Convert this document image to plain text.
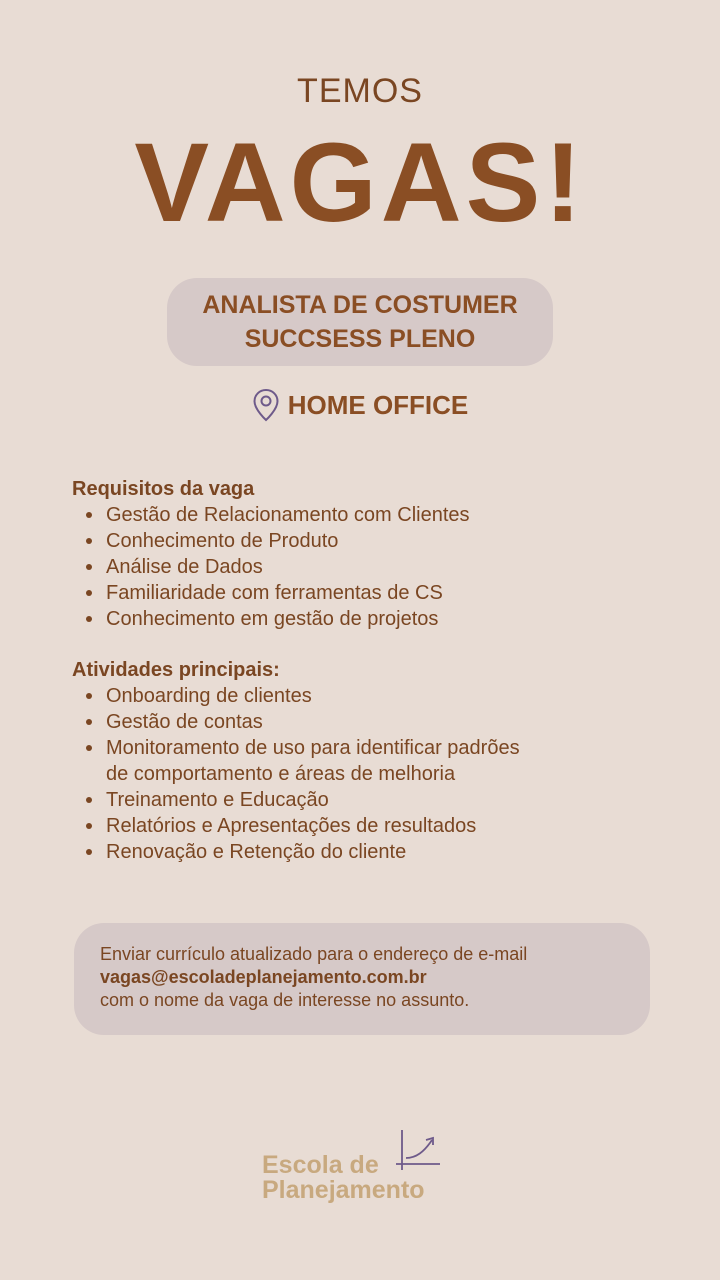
TEMOS
VAGAS!
ANALISTA DE COSTUMER
SUCCSESS PLENO
HOME OFFICE
Requisitos da vaga
Gestão de Relacionamento com Clientes
Conhecimento de Produto
Análise de Dados
Familiaridade com ferramentas de CS
Conhecimento em gestão de projetos
Atividades principais:
Onboarding de clientes
Gestão de contas
Monitoramento de uso para identificar padrões de comportamento e áreas de melhoria
Treinamento e Educação
Relatórios e Apresentações de resultados
Renovação e Retenção do cliente
Enviar currículo atualizado para o endereço de e-mail
vagas@escoladeplanejamento.com.br
com o nome da vaga de interesse no assunto.
Escola de
Planejamento
